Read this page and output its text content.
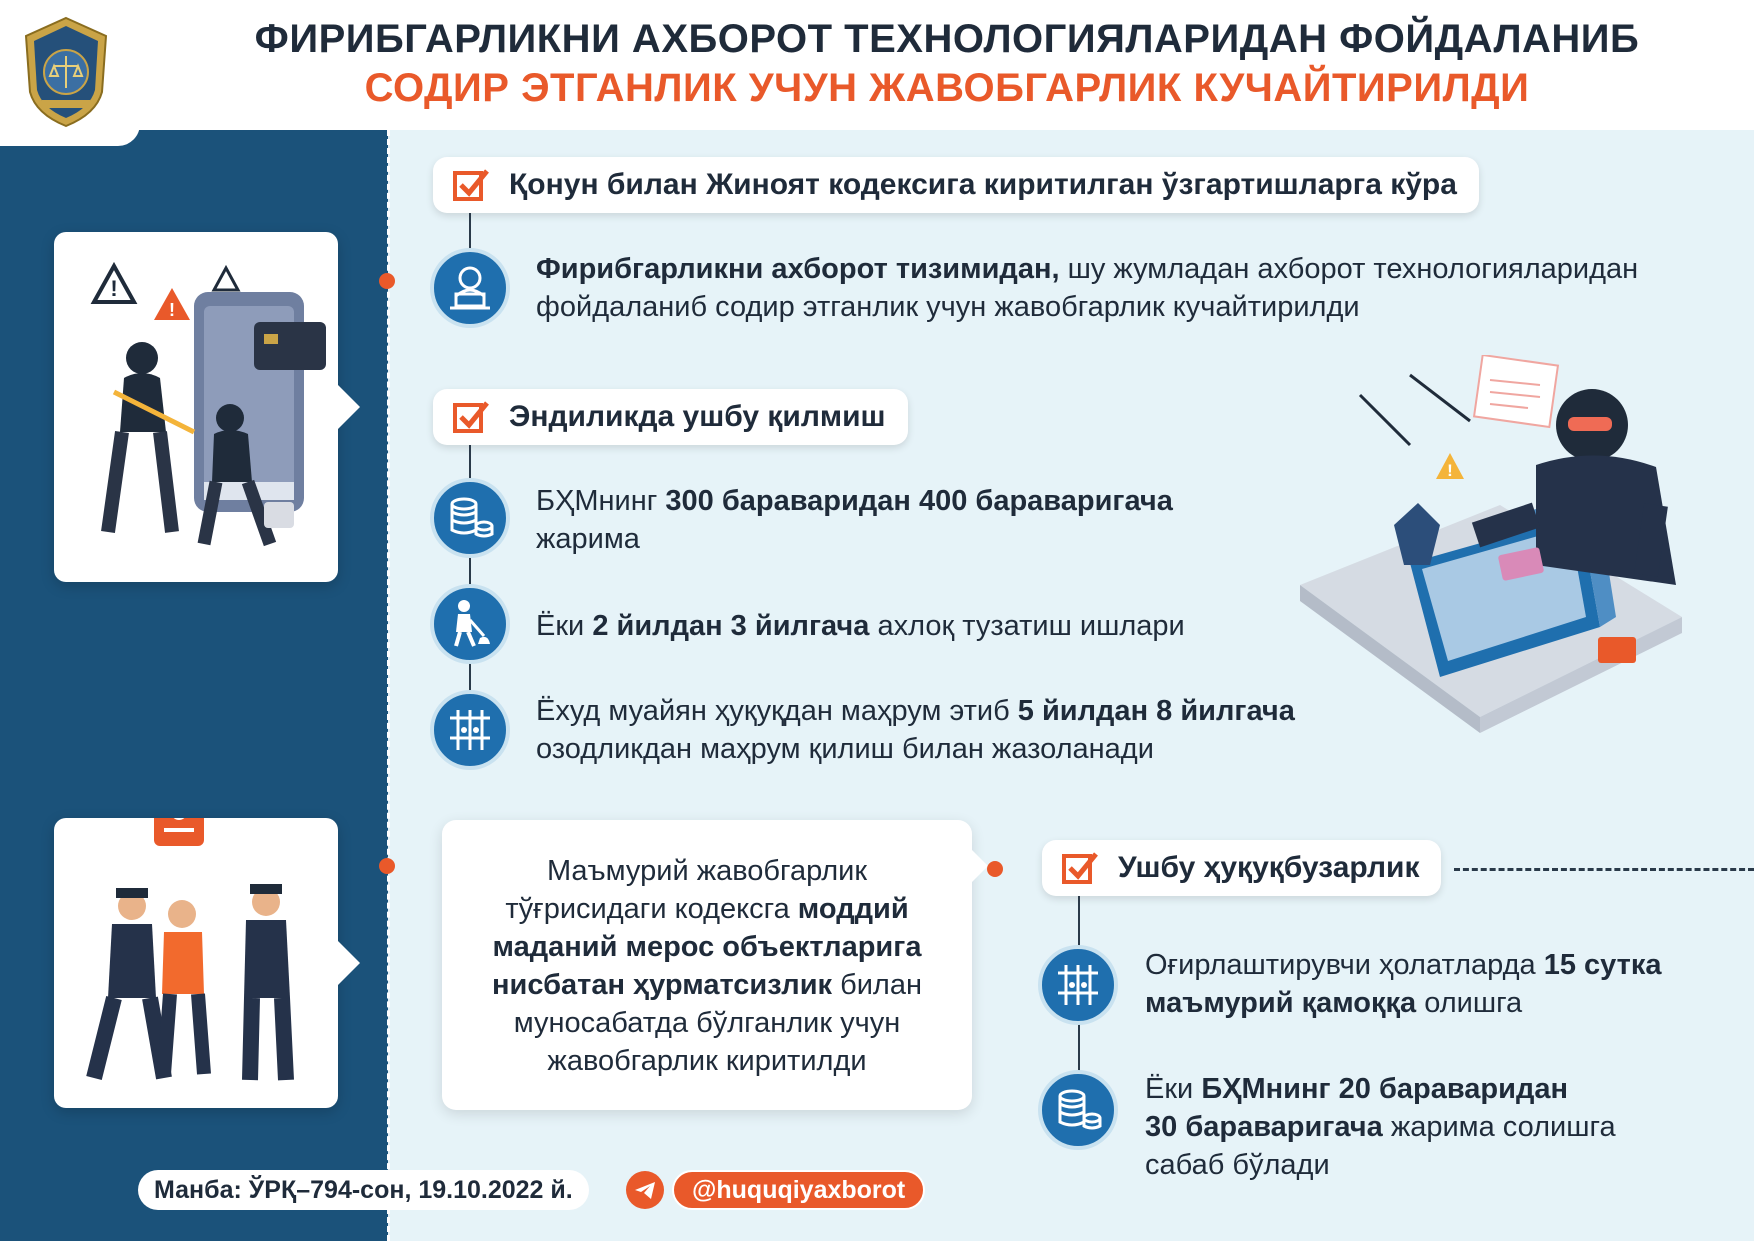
ФИРИБГАРЛИКНИ АХБОРОТ ТЕХНОЛОГИЯЛАРИДАН ФОЙДАЛАНИБ
СОДИР ЭТГАНЛИК УЧУН ЖАВОБГАРЛИК КУЧАЙТИРИЛДИ
!
!
Қонун билан Жиноят кодексига киритилган ўзгартишларга кўра
Фирибгарликни ахборот тизимидан, шу жумладан ахборот технологияларидан
фойдаланиб содир этганлик учун жавобгарлик кучайтирилди
Эндиликда ушбу қилмиш
БҲМнинг 300 бараваридан 400 бараваригача
жарима
Ёки 2 йилдан 3 йилгача ахлоқ тузатиш ишлари
Ёхуд муайян ҳуқуқдан маҳрум этиб 5 йилдан 8 йилгача
озодликдан маҳрум қилиш билан жазоланади
!
Маъмурий жавобгарлик
тўғрисидаги кодексга моддий
маданий мерос объектларига
нисбатан ҳурматсизлик билан
муносабатда бўлганлик учун
жавобгарлик киритилди
Ушбу ҳуқуқбузарлик
Оғирлаштирувчи ҳолатларда 15 сутка
маъмурий қамоққа олишга
Ёки БҲМнинг 20 бараваридан
30 бараваригача жарима солишга
сабаб бўлади
Манба: ЎРҚ–794-сон, 19.10.2022 й.	@huquqiyaxborot
